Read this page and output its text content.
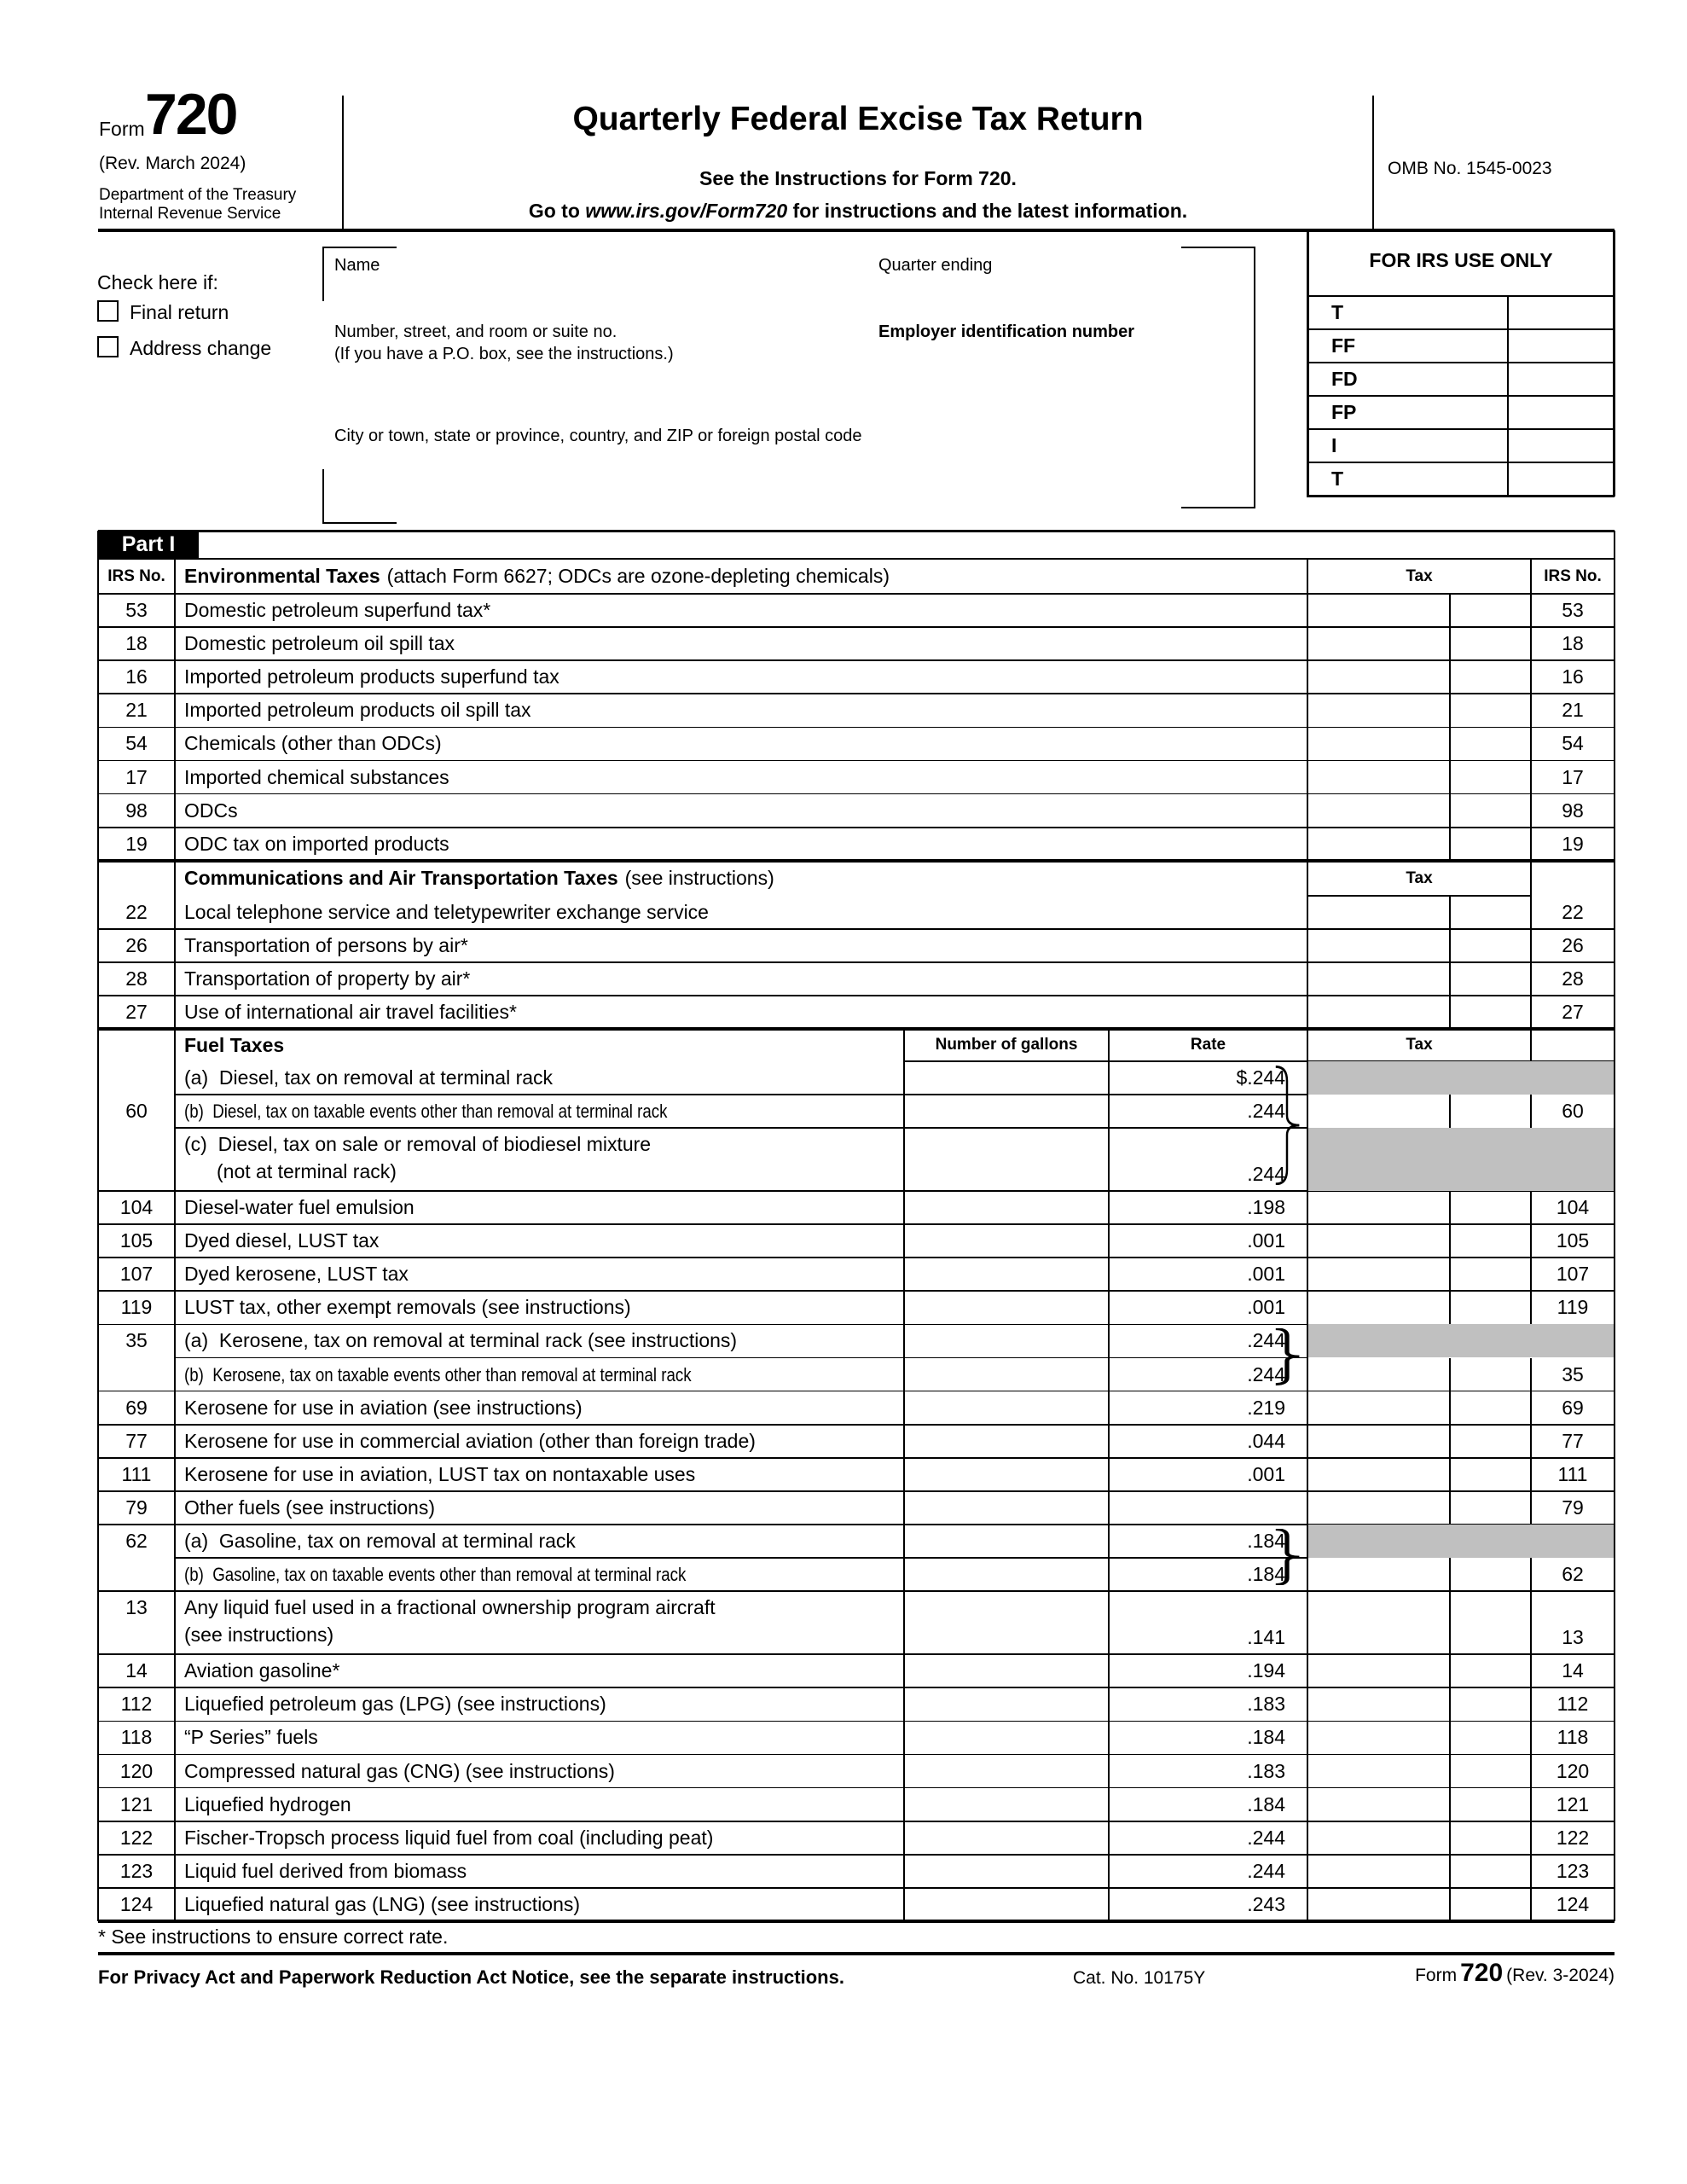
Form 720
(Rev. March 2024)
Department of the Treasury
Internal Revenue Service
Quarterly Federal Excise Tax Return
See the Instructions for Form 720.
Go to www.irs.gov/Form720 for instructions and the latest information.
OMB No. 1545-0023
Check here if:
Final return
Address change
Name	Quarter ending
Number, street, and room or suite no.
(If you have a P.O. box, see the instructions.)
Employer identification number
City or town, state or province, country, and ZIP or foreign postal code
FOR IRS USE ONLY
T
FF
FD
FP
I
T
Part I
IRS No.	IRS No.
Environmental Taxes (attach Form 6627; ODCs are ozone-depleting chemicals)	Tax
53	Domestic petroleum superfund tax*	53
18	Domestic petroleum oil spill tax	18
16	Imported petroleum products superfund tax	16
21	Imported petroleum products oil spill tax	21
54	Chemicals (other than ODCs)	54
17	Imported chemical substances	17
98	ODCs	98
19	ODC tax on imported products	19
Communications and Air Transportation Taxes (see instructions)	Tax
22	Local telephone service and teletypewriter exchange service	22
26	Transportation of persons by air*	26
28	Transportation of property by air*	28
27	Use of international air travel facilities*	27
Fuel Taxes	Number of gallons	Rate	Tax
(a)  Diesel, tax on removal at terminal rack	$.244
60	(b)  Diesel, tax on taxable events other than removal at terminal rack	.244	60
(c)  Diesel, tax on sale or removal of biodiesel mixture
(not at terminal rack)	.244
104	Diesel-water fuel emulsion	.198	104
105	Dyed diesel, LUST tax	.001	105
107	Dyed kerosene, LUST tax	.001	107
119	LUST tax, other exempt removals (see instructions)	.001	119
35	(a)  Kerosene, tax on removal at terminal rack (see instructions)	.244
(b)  Kerosene, tax on taxable events other than removal at terminal rack	.244	35
69	Kerosene for use in aviation (see instructions)	.219	69
77	Kerosene for use in commercial aviation (other than foreign trade)	.044	77
111	Kerosene for use in aviation, LUST tax on nontaxable uses	.001	111
79	Other fuels (see instructions)	79
62	(a)  Gasoline, tax on removal at terminal rack	.184
(b)  Gasoline, tax on taxable events other than removal at terminal rack	.184	62
13	Any liquid fuel used in a fractional ownership program aircraft
(see instructions)	.141	13
14	Aviation gasoline*	.194	14
112	Liquefied petroleum gas (LPG) (see instructions)	.183	112
118	“P Series” fuels	.184	118
120	Compressed natural gas (CNG) (see instructions)	.183	120
121	Liquefied hydrogen	.184	121
122	Fischer-Tropsch process liquid fuel from coal (including peat)	.244	122
123	Liquid fuel derived from biomass	.244	123
124	Liquefied natural gas (LNG) (see instructions)	.243	124
* See instructions to ensure correct rate.
For Privacy Act and Paperwork Reduction Act Notice, see the separate instructions.	Cat. No. 10175Y	Form 720 (Rev. 3-2024)
